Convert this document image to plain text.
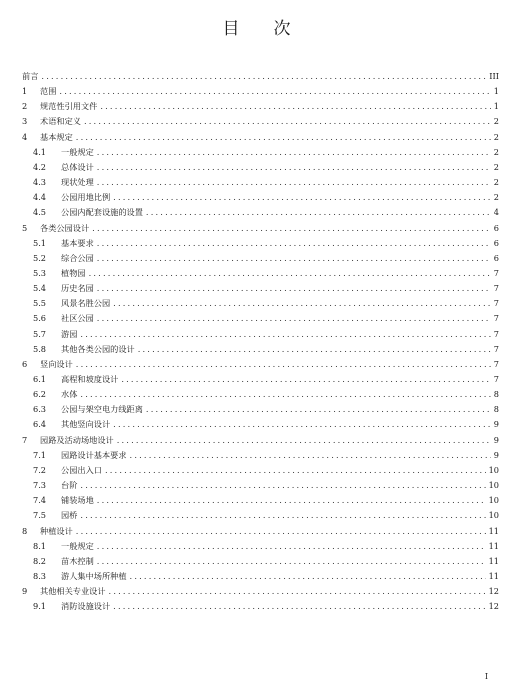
目 次
前言 .....	III
1	范围 .....	1
2	规范性引用文件 .....	1
3	术语和定义 .....	2
4	基本规定 .....	2
4.1	一般规定 .....	2
4.2	总体设计 .....	2
4.3	现状处理 .....	2
4.4	公园用地比例 .....	2
4.5	公园内配套设施的设置 .....	4
5	各类公园设计 .....	6
5.1	基本要求 .....	6
5.2	综合公园 .....	6
5.3	植物园 .....	7
5.4	历史名园 .....	7
5.5	风景名胜公园 .....	7
5.6	社区公园 .....	7
5.7	游园 .....	7
5.8	其他各类公园的设计 .....	7
6	竖向设计 .....	7
6.1	高程和坡度设计 .....	7
6.2	水体 .....	8
6.3	公园与架空电力线距离 .....	8
6.4	其他竖向设计 .....	9
7	园路及活动场地设计 .....	9
7.1	园路设计基本要求 .....	9
7.2	公园出入口 .....	10
7.3	台阶 .....	10
7.4	铺装场地 .....	10
7.5	园桥 .....	10
8	种植设计 .....	11
8.1	一般规定 .....	11
8.2	苗木控制 .....	11
8.3	游人集中场所种植 .....	11
9	其他相关专业设计 .....	12
9.1	消防设施设计 .....	12
I
